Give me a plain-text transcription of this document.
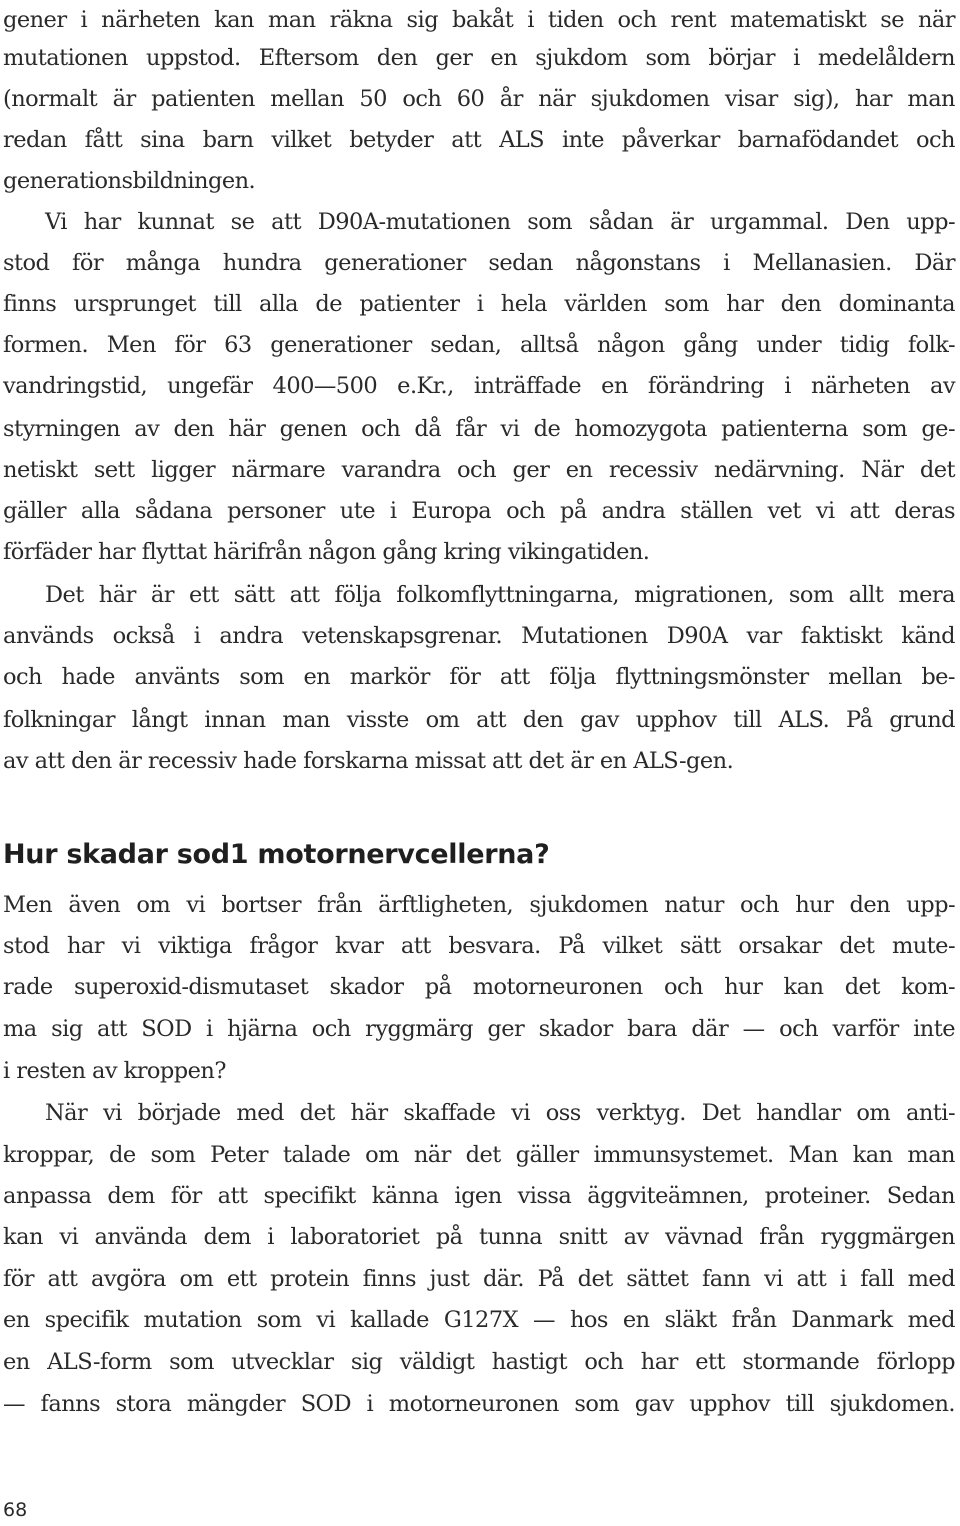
gener i närheten kan man räkna sig bakåt i tiden och rent matematiskt se när
mutationen uppstod. Eftersom den ger en sjukdom som börjar i medelåldern
(normalt är patienten mellan 50 och 60 år när sjukdomen visar sig), har man
redan fått sina barn vilket betyder att ALS inte påverkar barnafödandet och
generationsbildningen.
Vi har kunnat se att D90A-mutationen som sådan är urgammal. Den upp-
stod för många hundra generationer sedan någonstans i Mellanasien. Där
finns ursprunget till alla de patienter i hela världen som har den dominanta
formen. Men för 63 generationer sedan, alltså någon gång under tidig folk-
vandringstid, ungefär 400—500 e.Kr., inträffade en förändring i närheten av
styrningen av den här genen och då får vi de homozygota patienterna som ge-
netiskt sett ligger närmare varandra och ger en recessiv nedärvning. När det
gäller alla sådana personer ute i Europa och på andra ställen vet vi att deras
förfäder har flyttat härifrån någon gång kring vikingatiden.
Det här är ett sätt att följa folkomflyttningarna, migrationen, som allt mera
används också i andra vetenskapsgrenar. Mutationen D90A var faktiskt känd
och hade använts som en markör för att följa flyttningsmönster mellan be-
folkningar långt innan man visste om att den gav upphov till ALS. På grund
av att den är recessiv hade forskarna missat att det är en ALS-gen.
Hur skadar sod1 motornervcellerna?
Men även om vi bortser från ärftligheten, sjukdomen natur och hur den upp-
stod har vi viktiga frågor kvar att besvara. På vilket sätt orsakar det mute-
rade superoxid-dismutaset skador på motorneuronen och hur kan det kom-
ma sig att SOD i hjärna och ryggmärg ger skador bara där — och varför inte
i resten av kroppen?
När vi började med det här skaffade vi oss verktyg. Det handlar om anti-
kroppar, de som Peter talade om när det gäller immunsystemet. Man kan man
anpassa dem för att specifikt känna igen vissa äggviteämnen, proteiner. Sedan
kan vi använda dem i laboratoriet på tunna snitt av vävnad från ryggmärgen
för att avgöra om ett protein finns just där. På det sättet fann vi att i fall med
en specifik mutation som vi kallade G127X — hos en släkt från Danmark med
en ALS-form som utvecklar sig väldigt hastigt och har ett stormande förlopp
— fanns stora mängder SOD i motorneuronen som gav upphov till sjukdomen.
68
